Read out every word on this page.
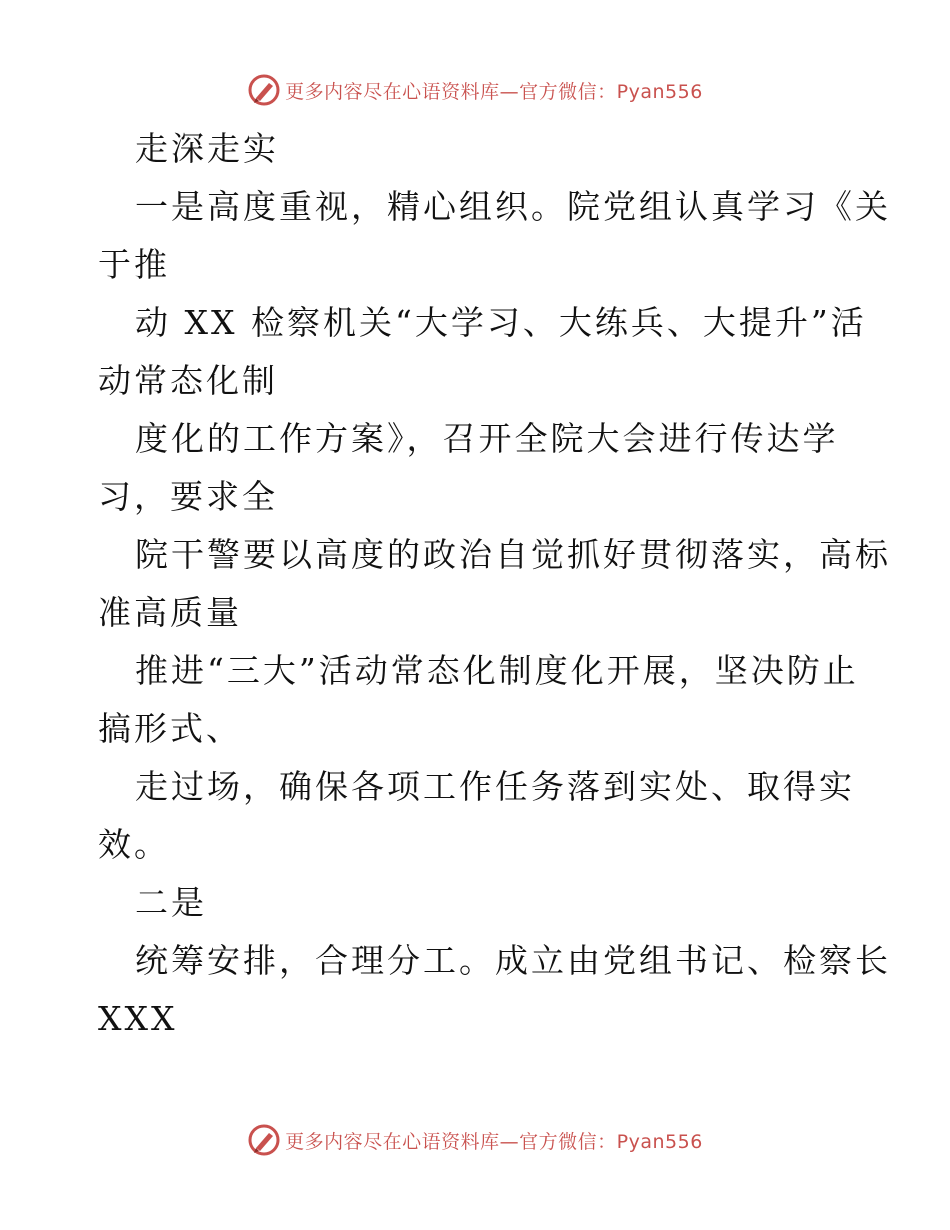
更多内容尽在心语资料库—官方微信：Pyan556
走深走实
一是高度重视，精心组织。院党组认真学习《关
于推
动 XX 检察机关“大学习、大练兵、大提升”活
动常态化制
度化的工作方案》，召开全院大会进行传达学
习，要求全
院干警要以高度的政治自觉抓好贯彻落实，高标
准高质量
推进“三大”活动常态化制度化开展，坚决防止
搞形式、
走过场，确保各项工作任务落到实处、取得实
效。
二是
统筹安排，合理分工。成立由党组书记、检察长
XXX
更多内容尽在心语资料库—官方微信：Pyan556
